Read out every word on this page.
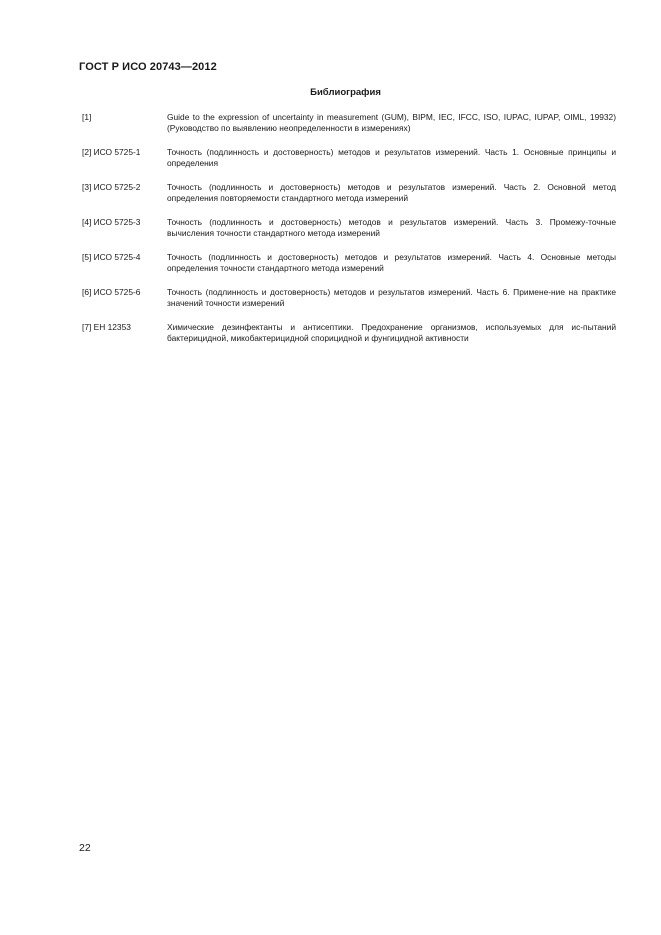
ГОСТ Р ИСО 20743—2012
Библиография
[1]	Guide to the expression of uncertainty in measurement (GUM), BIPM, IEC, IFCC, ISO, IUPAC, IUPAP, OIML, 19932) (Руководство по выявлению неопределенности в измерениях)
[2] ИСО 5725-1	Точность (подлинность и достоверность) методов и результатов измерений. Часть 1. Основные принципы и определения
[3] ИСО 5725-2	Точность (подлинность и достоверность) методов и результатов измерений. Часть 2. Основной метод определения повторяемости стандартного метода измерений
[4] ИСО 5725-3	Точность (подлинность и достоверность) методов и результатов измерений. Часть 3. Промежу-точные вычисления точности стандартного метода измерений
[5] ИСО 5725-4	Точность (подлинность и достоверность) методов и результатов измерений. Часть 4. Основные методы определения точности стандартного метода измерений
[6] ИСО 5725-6	Точность (подлинность и достоверность) методов и результатов измерений. Часть 6. Примене-ние на практике значений точности измерений
[7] EH 12353	Химические дезинфектанты и антисептики. Предохранение организмов, используемых для ис-пытаний бактерицидной, микобактерицидной спорицидной и фунгицидной активности
22
